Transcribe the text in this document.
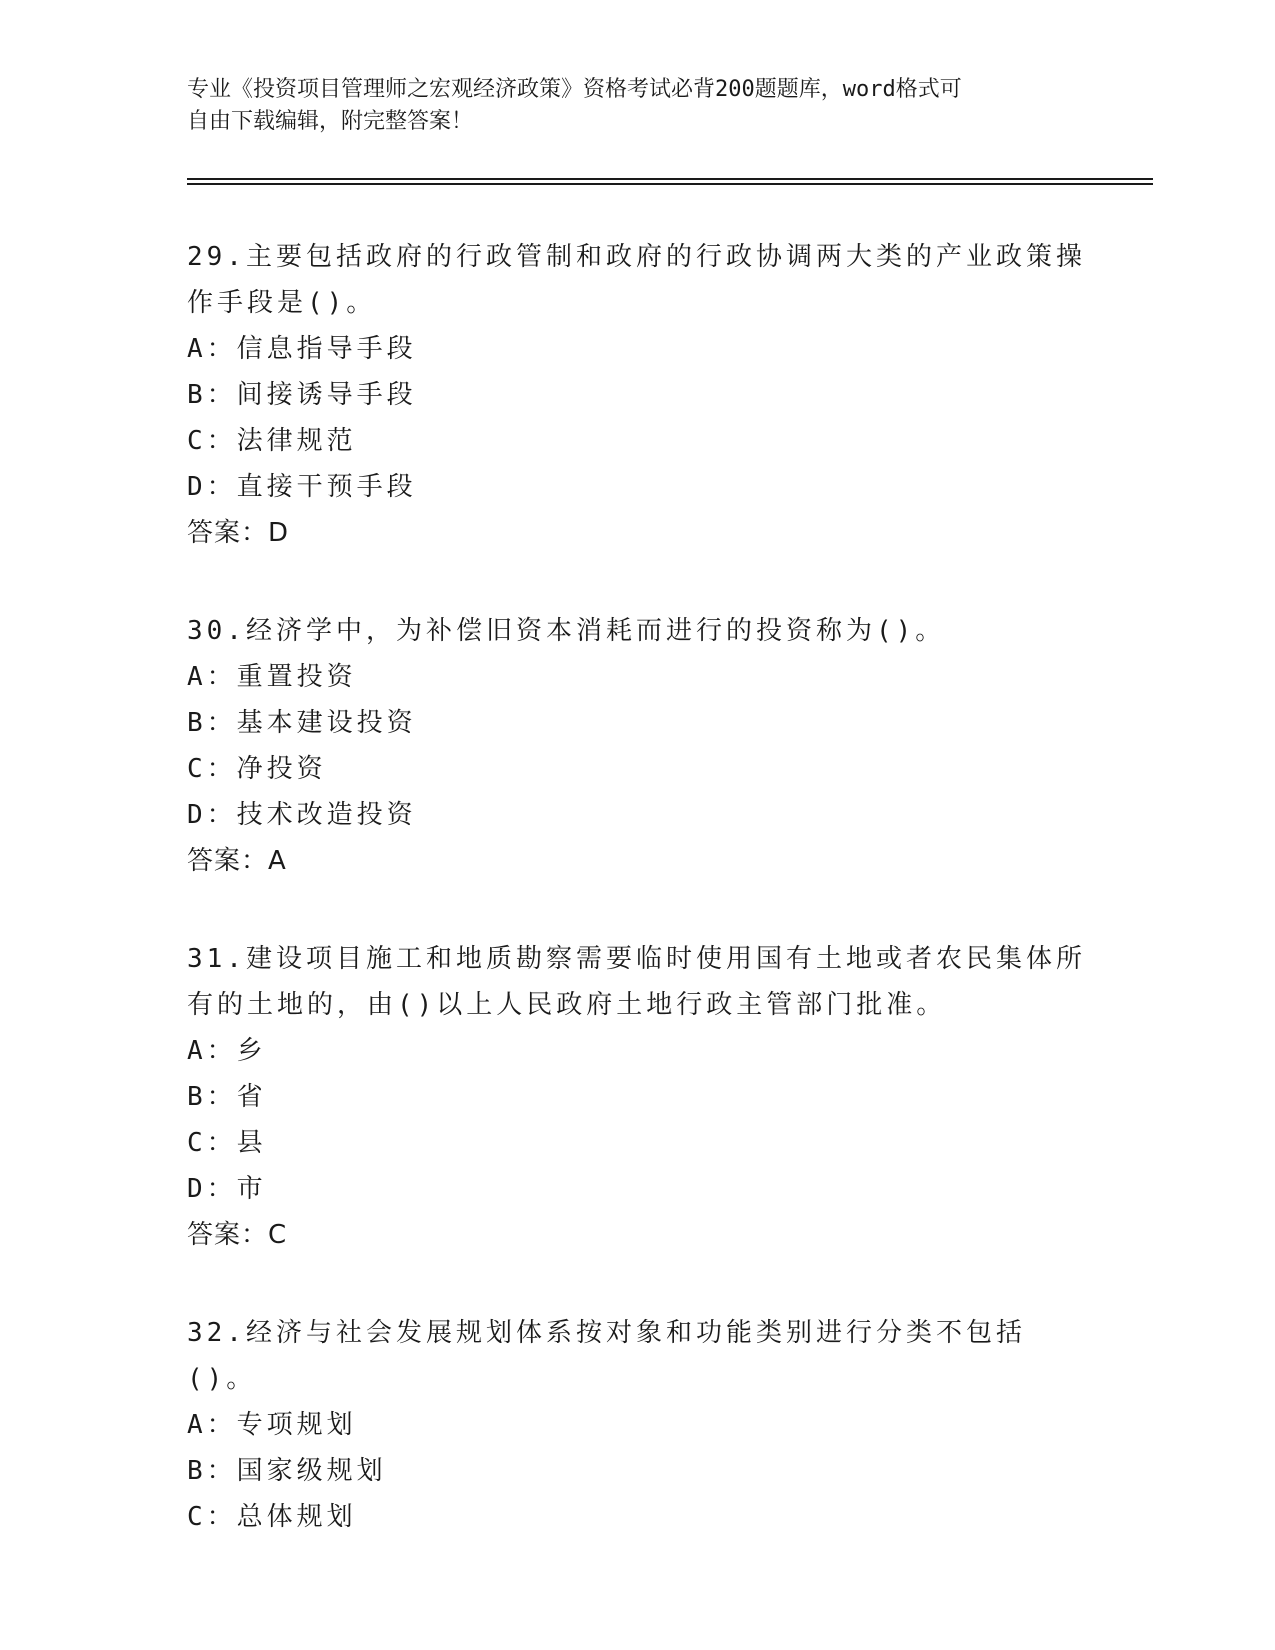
专业《投资项目管理师之宏观经济政策》资格考试必背200题题库，word格式可
自由下载编辑，附完整答案！
29.主要包括政府的行政管制和政府的行政协调两大类的产业政策操作手段是()。
A：信息指导手段
B：间接诱导手段
C：法律规范
D：直接干预手段
答案：D
30.经济学中，为补偿旧资本消耗而进行的投资称为()。
A：重置投资
B：基本建设投资
C：净投资
D：技术改造投资
答案：A
31.建设项目施工和地质勘察需要临时使用国有土地或者农民集体所有的土地的，由()以上人民政府土地行政主管部门批准。
A：乡
B：省
C：县
D：市
答案：C
32.经济与社会发展规划体系按对象和功能类别进行分类不包括()。
A：专项规划
B：国家级规划
C：总体规划
